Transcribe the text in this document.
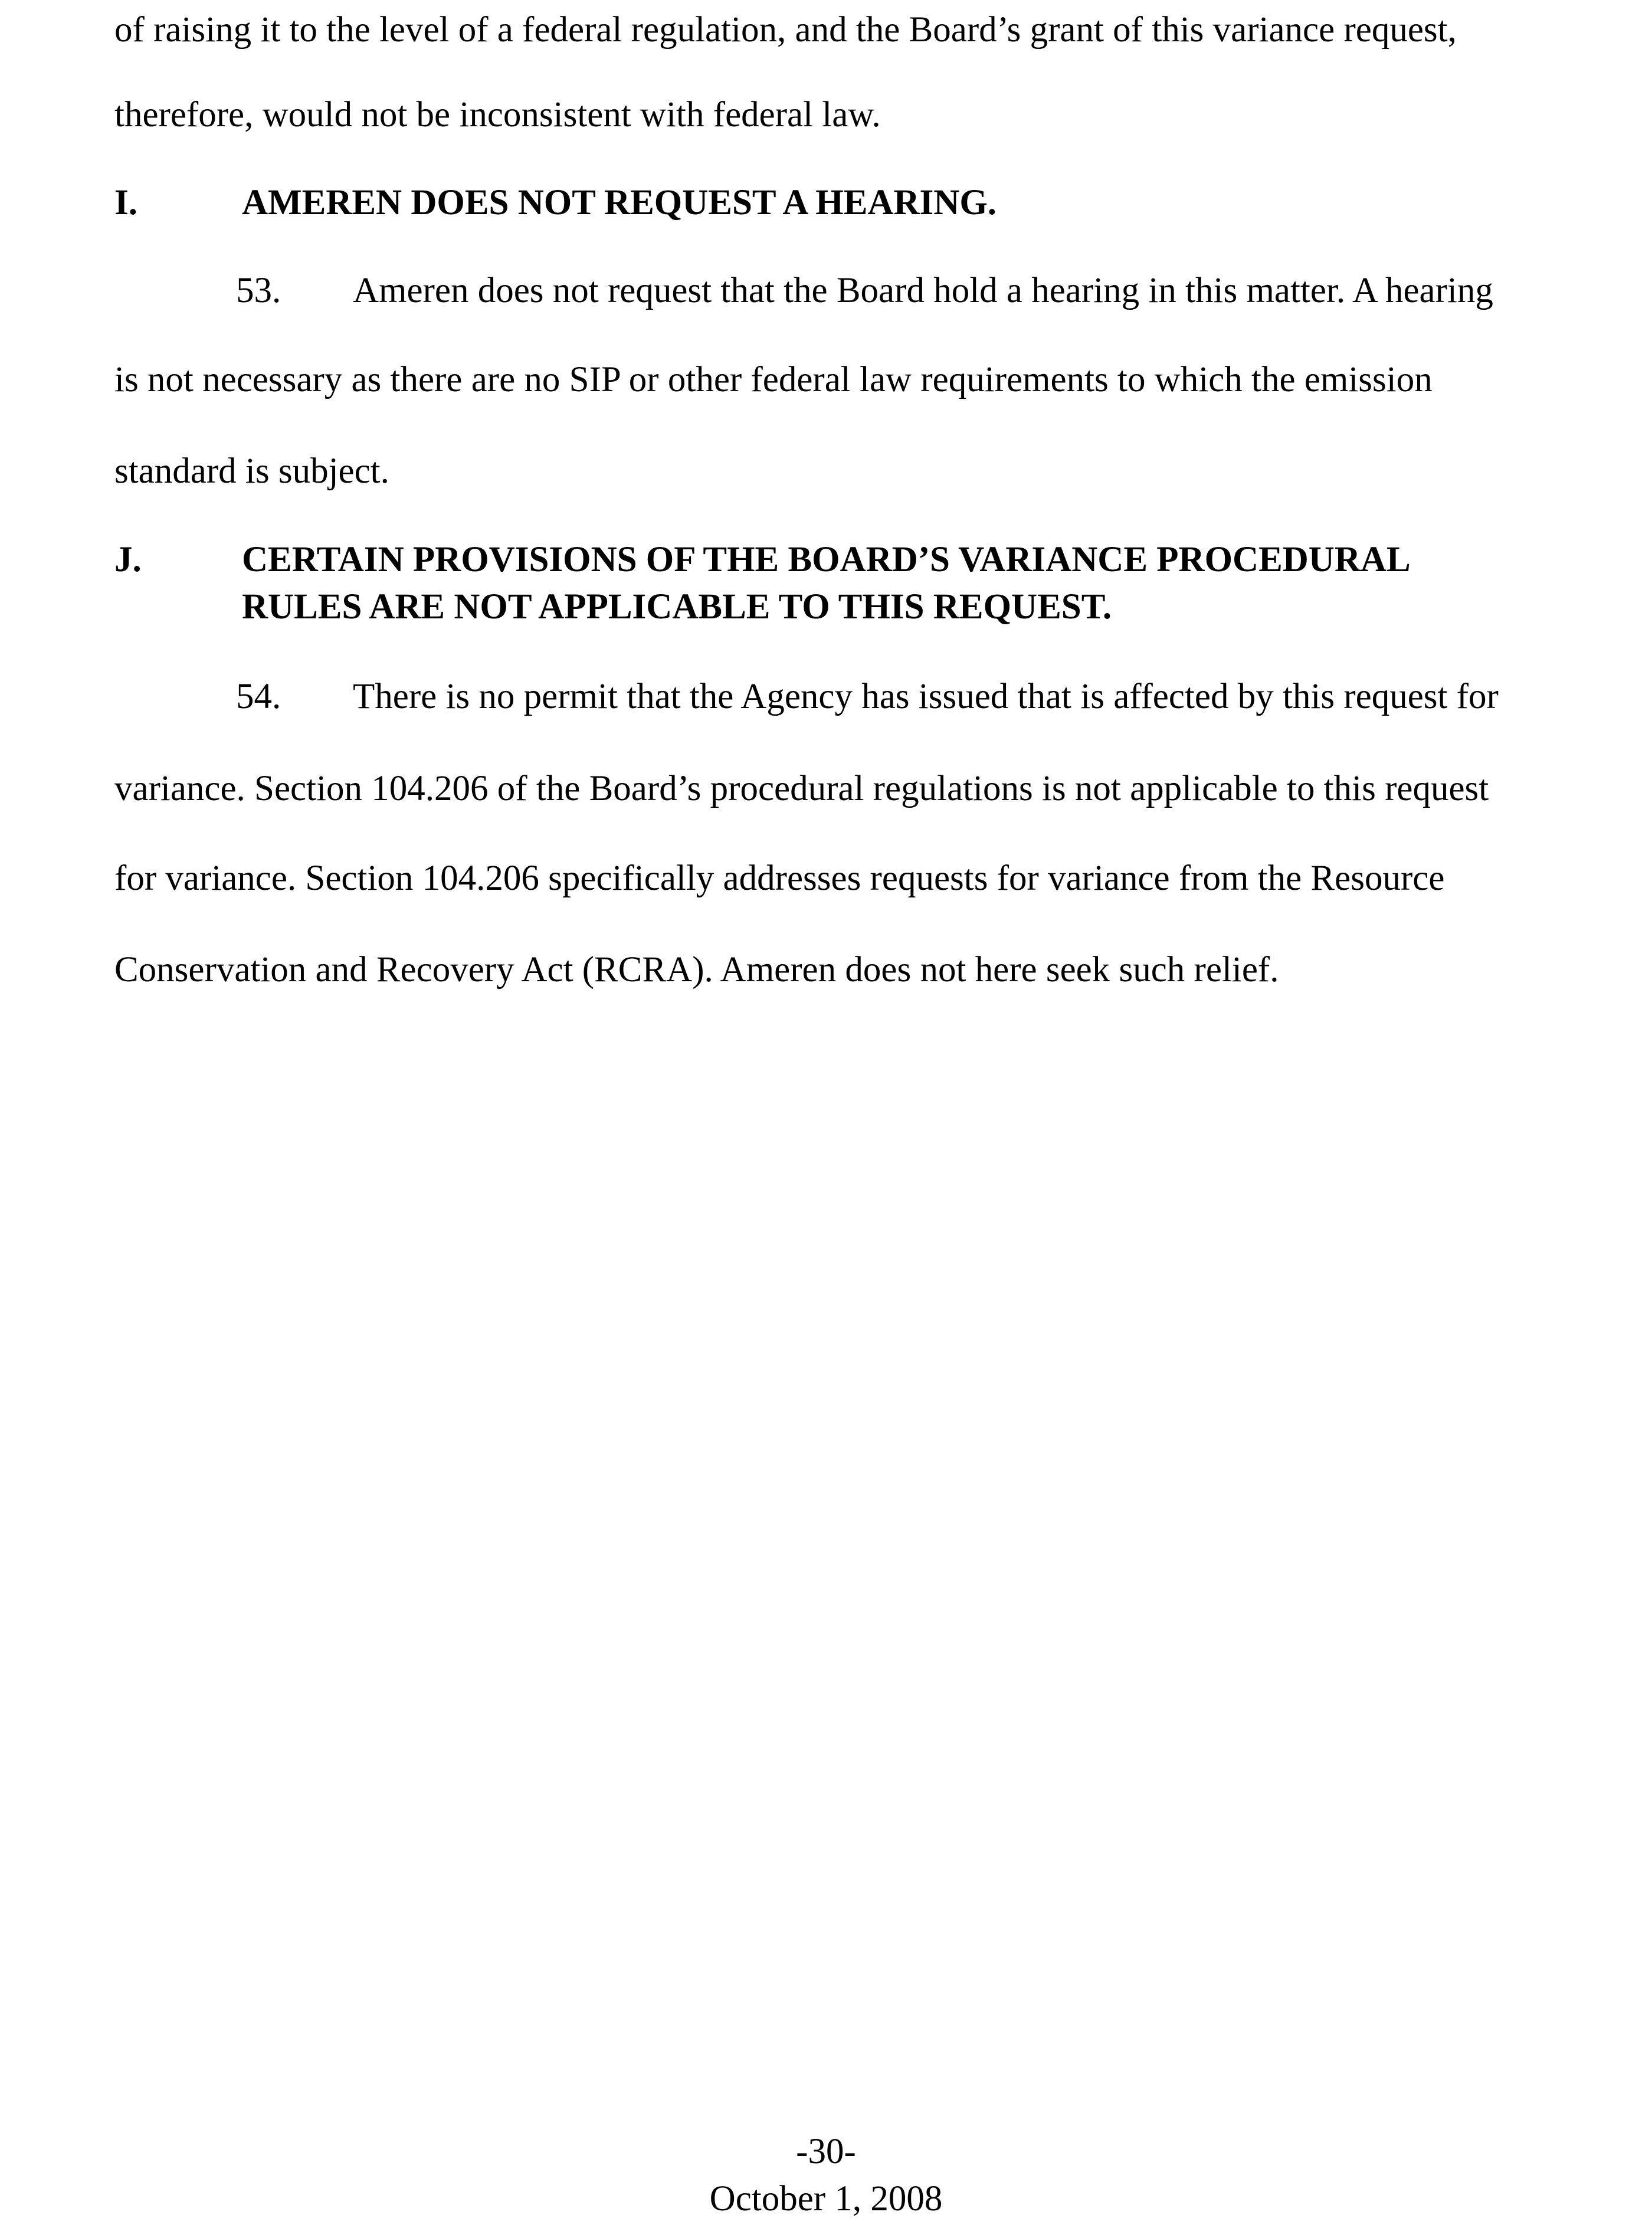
of raising it to the level of a federal regulation, and the Board’s grant of this variance request,
therefore, would not be inconsistent with federal law.
I.	AMEREN DOES NOT REQUEST A HEARING.
53. Ameren does not request that the Board hold a hearing in this matter. A hearing
is not necessary as there are no SIP or other federal law requirements to which the emission
standard is subject.
J.	CERTAIN PROVISIONS OF THE BOARD’S VARIANCE PROCEDURAL
RULES ARE NOT APPLICABLE TO THIS REQUEST.
54. There is no permit that the Agency has issued that is affected by this request for
variance. Section 104.206 of the Board’s procedural regulations is not applicable to this request
for variance. Section 104.206 specifically addresses requests for variance from the Resource
Conservation and Recovery Act (RCRA). Ameren does not here seek such relief.
-30-
October 1, 2008
